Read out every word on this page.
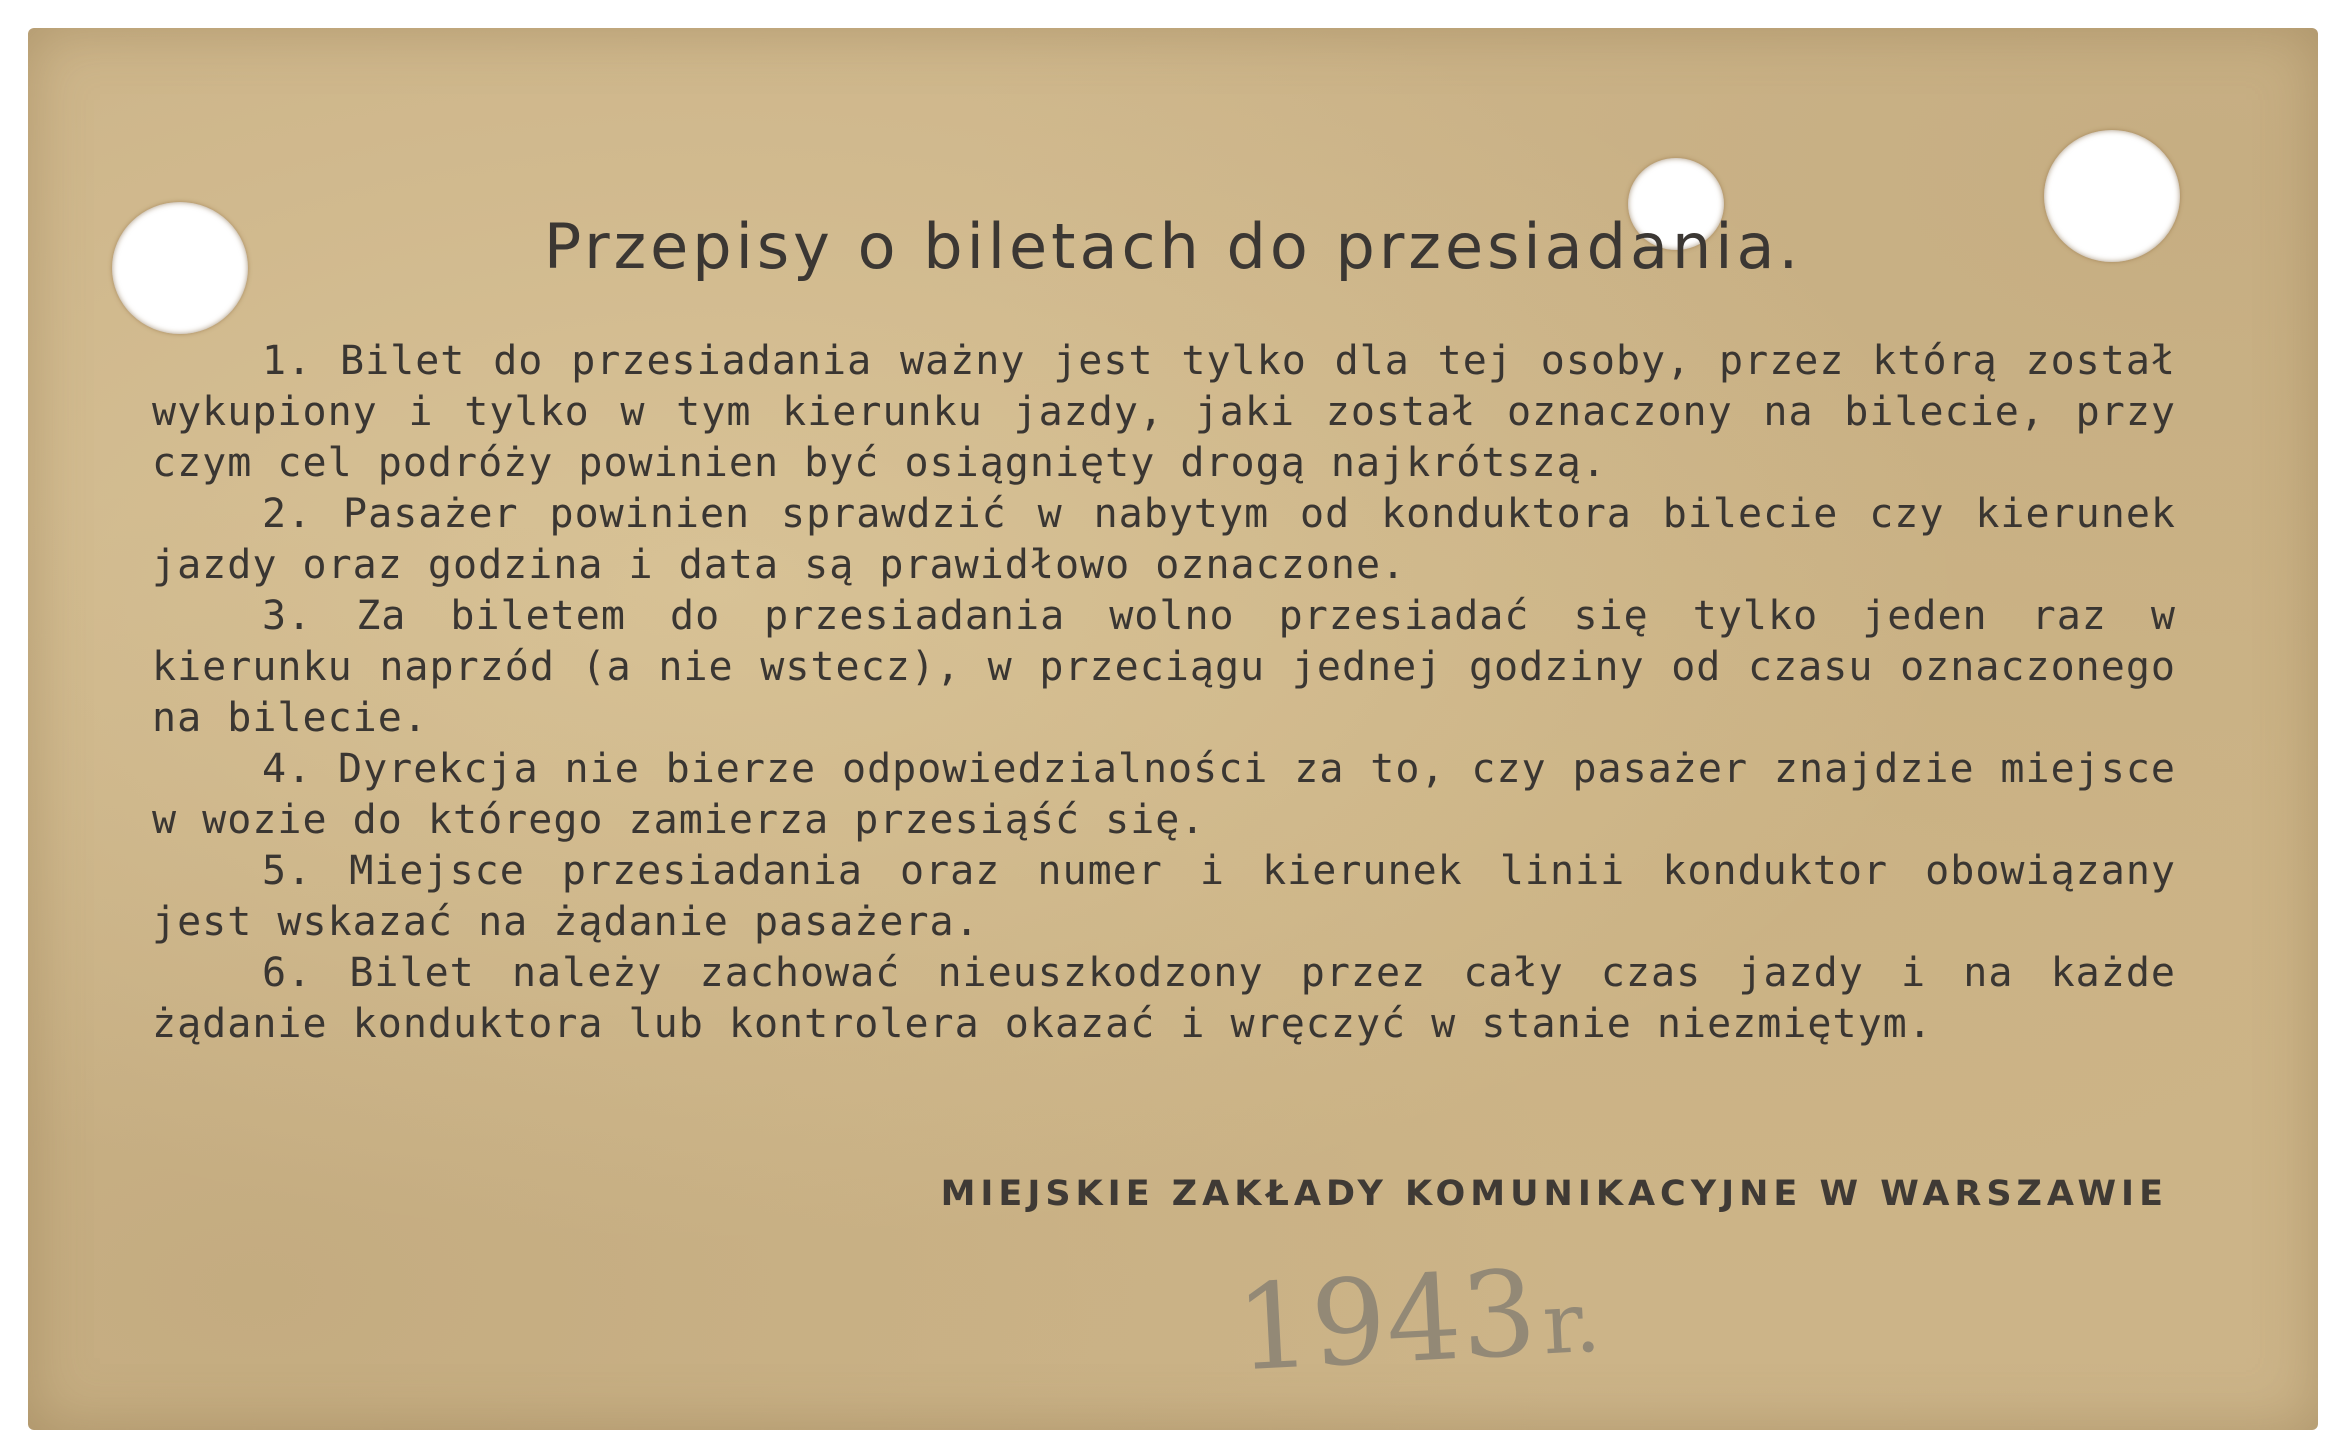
Przepisy o biletach do przesiadania.

1. Bilet do przesiadania ważny jest tylko dla tej osoby, przez którą został wykupiony i tylko w tym kierunku jazdy, jaki został oznaczony na bilecie, przy czym cel podróży powinien być osiągnięty drogą najkrótszą.

2. Pasażer powinien sprawdzić w nabytym od konduktora bilecie czy kierunek jazdy oraz godzina i data są prawidłowo oznaczone.

3. Za biletem do przesiadania wolno przesiadać się tylko jeden raz w kierunku naprzód (a nie wstecz), w przeciągu jednej godziny od czasu oznaczonego na bilecie.

4. Dyrekcja nie bierze odpowiedzialności za to, czy pasażer znajdzie miejsce w wozie do którego zamierza przesiąść się.

5. Miejsce przesiadania oraz numer i kierunek linii konduktor obowiązany jest wskazać na żądanie pasażera.

6. Bilet należy zachować nieuszkodzony przez cały czas jazdy i na każde żądanie konduktora lub kontrolera okazać i wręczyć w stanie niezmiętym.

MIEJSKIE ZAKŁADY KOMUNIKACYJNE W WARSZAWIE
1943r.
